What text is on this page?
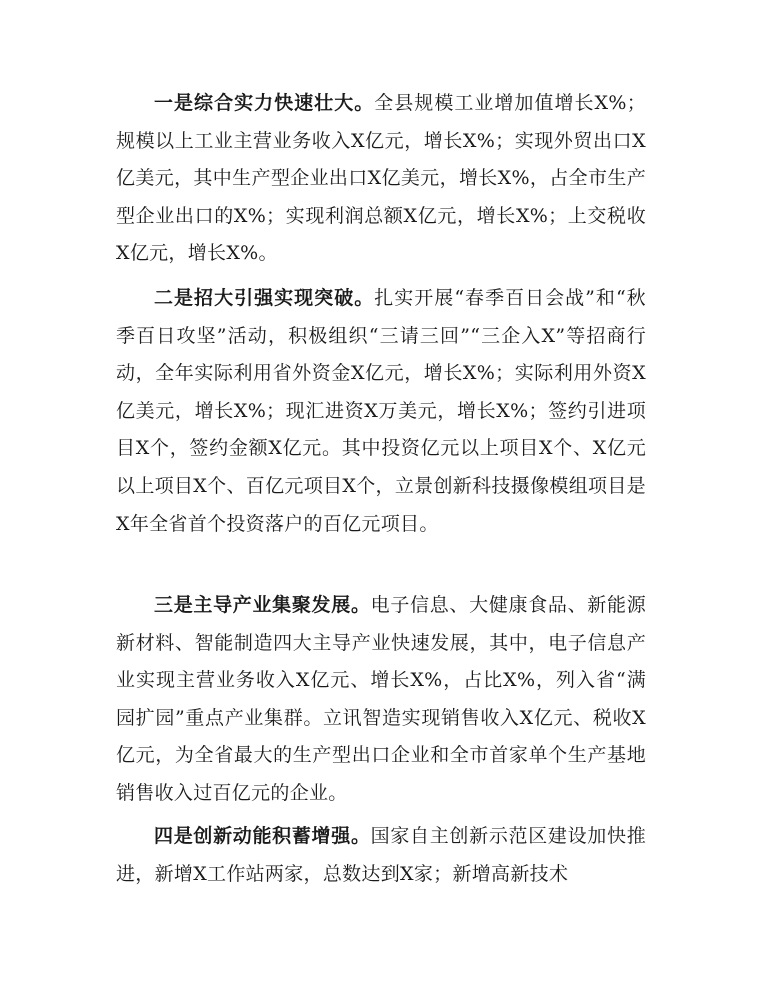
一是综合实力快速壮大。全县规模工业增加值增长X%；规模以上工业主营业务收入X亿元，增长X%；实现外贸出口X亿美元，其中生产型企业出口X亿美元，增长X%，占全市生产型企业出口的X%；实现利润总额X亿元，增长X%；上交税收X亿元，增长X%。

二是招大引强实现突破。扎实开展“春季百日会战”和“秋季百日攻坚”活动，积极组织“三请三回”“三企入X”等招商行动，全年实际利用省外资金X亿元，增长X%；实际利用外资X亿美元，增长X%；现汇进资X万美元，增长X%；签约引进项目X个，签约金额X亿元。其中投资亿元以上项目X个、X亿元以上项目X个、百亿元项目X个，立景创新科技摄像模组项目是X年全省首个投资落户的百亿元项目。

三是主导产业集聚发展。电子信息、大健康食品、新能源新材料、智能制造四大主导产业快速发展，其中，电子信息产业实现主营业务收入X亿元、增长X%，占比X%，列入省“满园扩园”重点产业集群。立讯智造实现销售收入X亿元、税收X亿元，为全省最大的生产型出口企业和全市首家单个生产基地销售收入过百亿元的企业。

四是创新动能积蓄增强。国家自主创新示范区建设加快推进，新增X工作站两家，总数达到X家；新增高新技术
